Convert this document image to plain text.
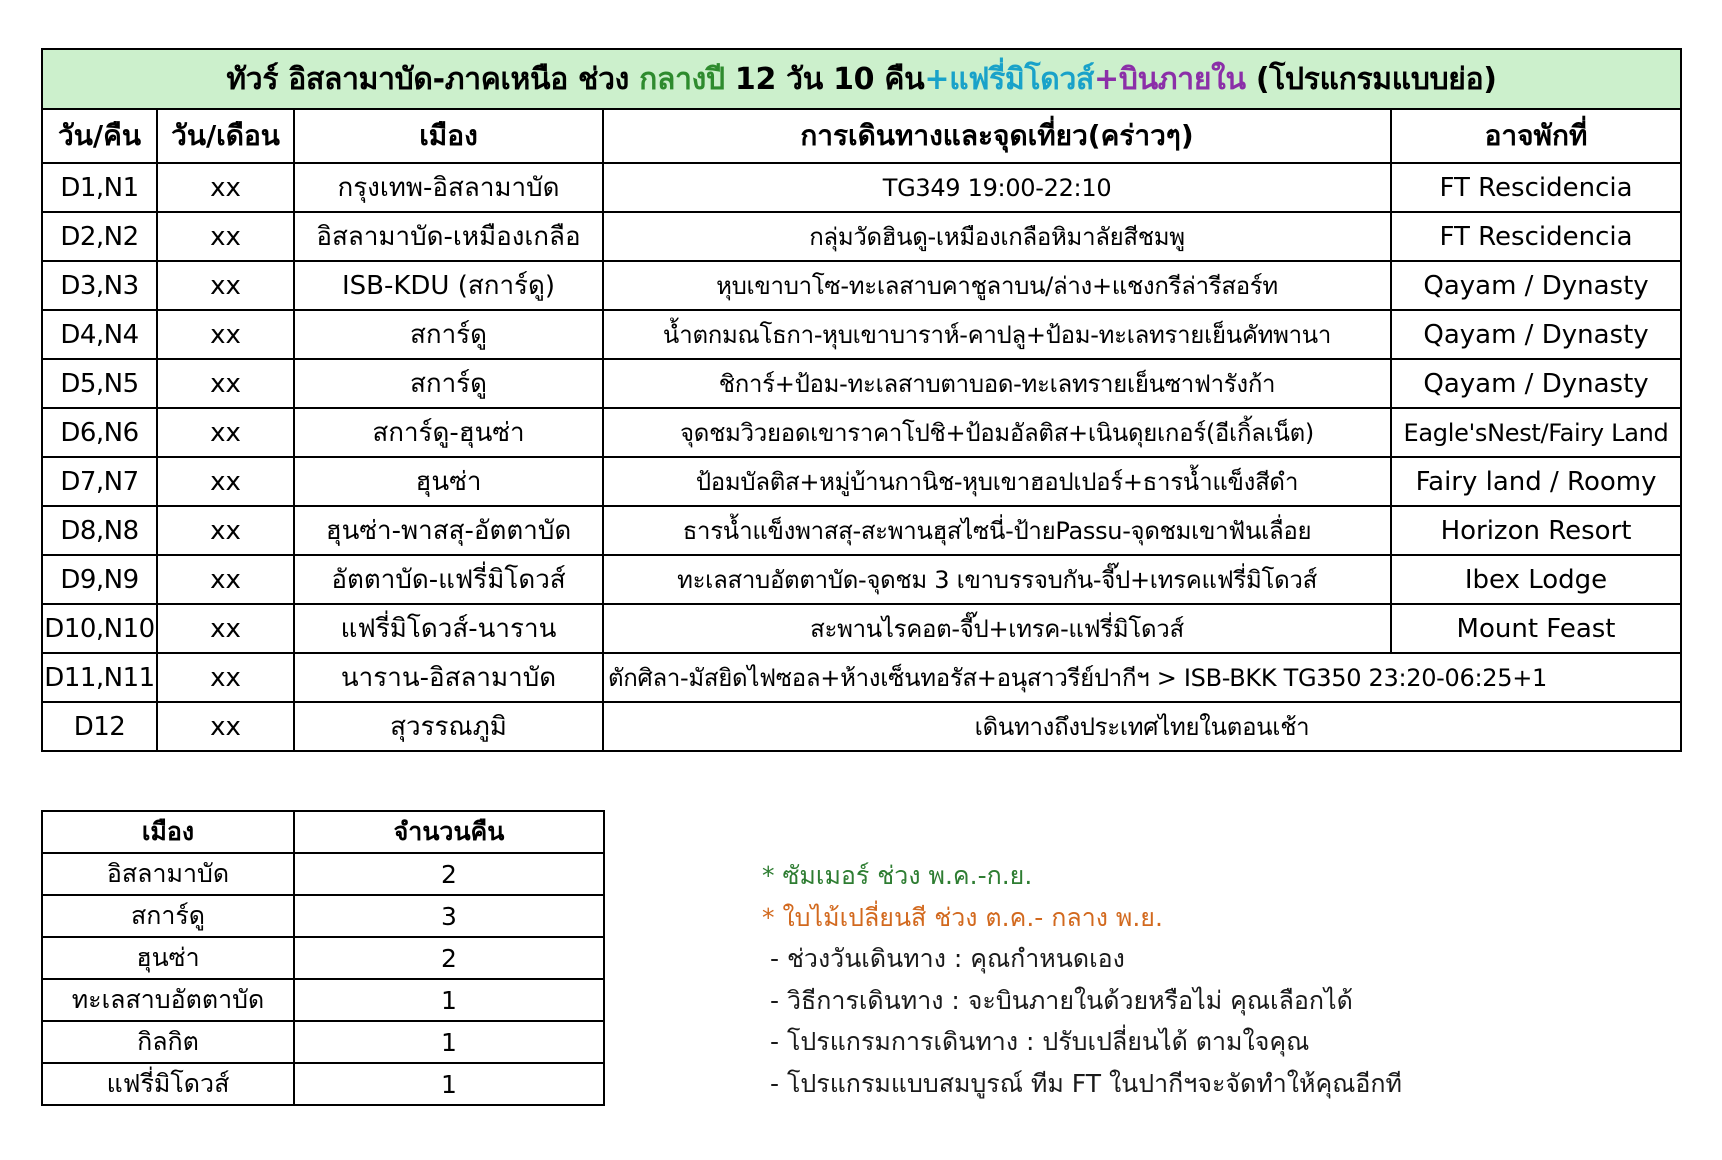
ทัวร์ อิสลามาบัด-ภาคเหนือ ช่วง กลางปี 12 วัน 10 คืน+แฟรี่มิโดวส์+บินภายใน (โปรแกรมแบบย่อ)				
วัน/คืน	วัน/เดือน	เมือง	การเดินทางและจุดเที่ยว(คร่าวๆ)	อาจพักที่
D1,N1	xx	กรุงเทพ-อิสลามาบัด	TG349 19:00-22:10	FT Rescidencia
D2,N2	xx	อิสลามาบัด-เหมืองเกลือ	กลุ่มวัดฮินดู-เหมืองเกลือหิมาลัยสีชมพู	FT Rescidencia
D3,N3	xx	ISB-KDU (สการ์ดู)	หุบเขาบาโซ-ทะเลสาบคาชูลาบน/ล่าง+แชงกรีล่ารีสอร์ท	Qayam / Dynasty
D4,N4	xx	สการ์ดู	น้ำตกมณโธกา-หุบเขาบาราห์-คาปลู+ป้อม-ทะเลทรายเย็นคัทพานา	Qayam / Dynasty
D5,N5	xx	สการ์ดู	ชิการ์+ป้อม-ทะเลสาบตาบอด-ทะเลทรายเย็นซาฟารังก้า	Qayam / Dynasty
D6,N6	xx	สการ์ดู-ฮุนซ่า	จุดชมวิวยอดเขาราคาโปชิ+ป้อมอัลติส+เนินดุยเกอร์(อีเกิ้ลเน็ต)	Eagle'sNest/Fairy Land
D7,N7	xx	ฮุนซ่า	ป้อมบัลติส+หมู่บ้านกานิช-หุบเขาฮอปเปอร์+ธารน้ำแข็งสีดำ	Fairy land / Roomy
D8,N8	xx	ฮุนซ่า-พาสสุ-อัตตาบัด	ธารน้ำแข็งพาสสุ-สะพานฮุสไซนี่-ป้ายPassu-จุดชมเขาฟันเลื่อย	Horizon Resort
D9,N9	xx	อัตตาบัด-แฟรี่มิโดวส์	ทะเลสาบอัตตาบัด-จุดชม 3 เขาบรรจบกัน-จี๊ป+เทรคแฟรี่มิโดวส์	Ibex Lodge
D10,N10	xx	แฟรี่มิโดวส์-นาราน	สะพานไรคอต-จี๊ป+เทรค-แฟรี่มิโดวส์	Mount Feast
D11,N11	xx	นาราน-อิสลามาบัด	ตักศิลา-มัสยิดไฟซอล+ห้างเซ็นทอรัส+อนุสาวรีย์ปากีฯ > ISB-BKK TG350 23:20-06:25+1	
D12	xx	สุวรรณภูมิ	เดินทางถึงประเทศไทยในตอนเช้า	
เมือง	จำนวนคืน
อิสลามาบัด	2
สการ์ดู	3
ฮุนซ่า	2
ทะเลสาบอัตตาบัด	1
กิลกิต	1
แฟรี่มิโดวส์	1
* ซัมเมอร์ ช่วง พ.ค.-ก.ย.
* ใบไม้เปลี่ยนสี ช่วง ต.ค.- กลาง พ.ย.
- ช่วงวันเดินทาง : คุณกำหนดเอง
- วิธีการเดินทาง : จะบินภายในด้วยหรือไม่ คุณเลือกได้
- โปรแกรมการเดินทาง : ปรับเปลี่ยนได้ ตามใจคุณ
- โปรแกรมแบบสมบูรณ์ ทีม FT ในปากีฯจะจัดทำให้คุณอีกที
